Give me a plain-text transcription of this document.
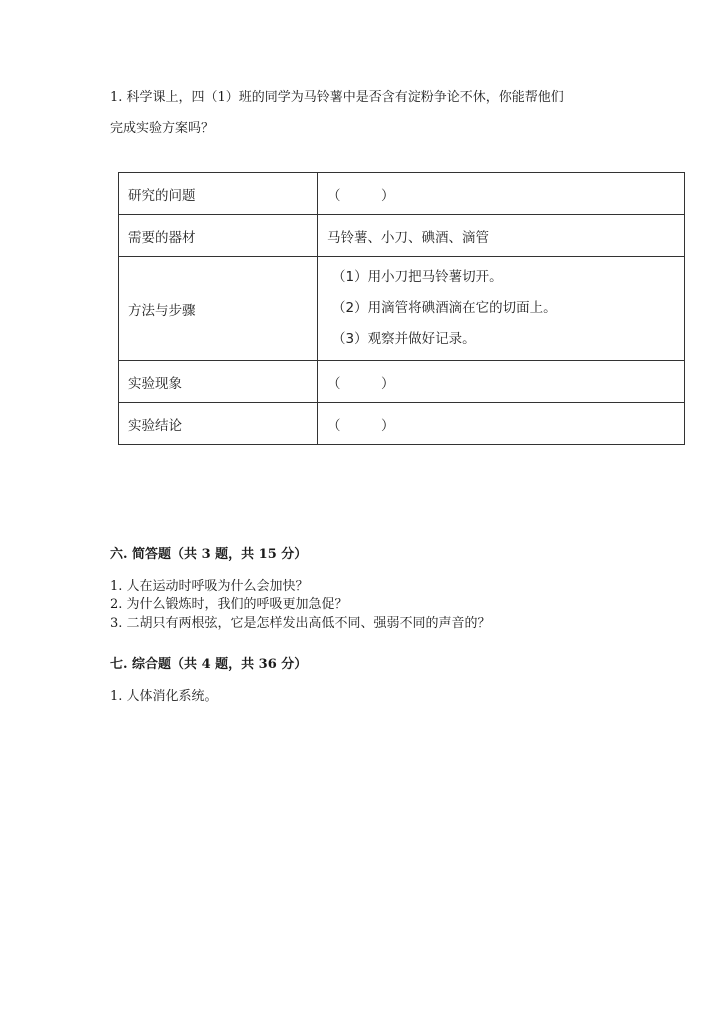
1. 科学课上，四（1）班的同学为马铃薯中是否含有淀粉争论不休，你能帮他们
完成实验方案吗？
研究的问题	（　　　）
需要的器材	马铃薯、小刀、碘酒、滴管
方法与步骤	（1）用小刀把马铃薯切开。
（2）用滴管将碘酒滴在它的切面上。
（3）观察并做好记录。

实验现象	（　　　）
实验结论	（　　　）
六. 简答题（共 3 题，共 15 分）
1. 人在运动时呼吸为什么会加快？
2. 为什么锻炼时，我们的呼吸更加急促？
3. 二胡只有两根弦，它是怎样发出高低不同、强弱不同的声音的？
七. 综合题（共 4 题，共 36 分）
1. 人体消化系统。
